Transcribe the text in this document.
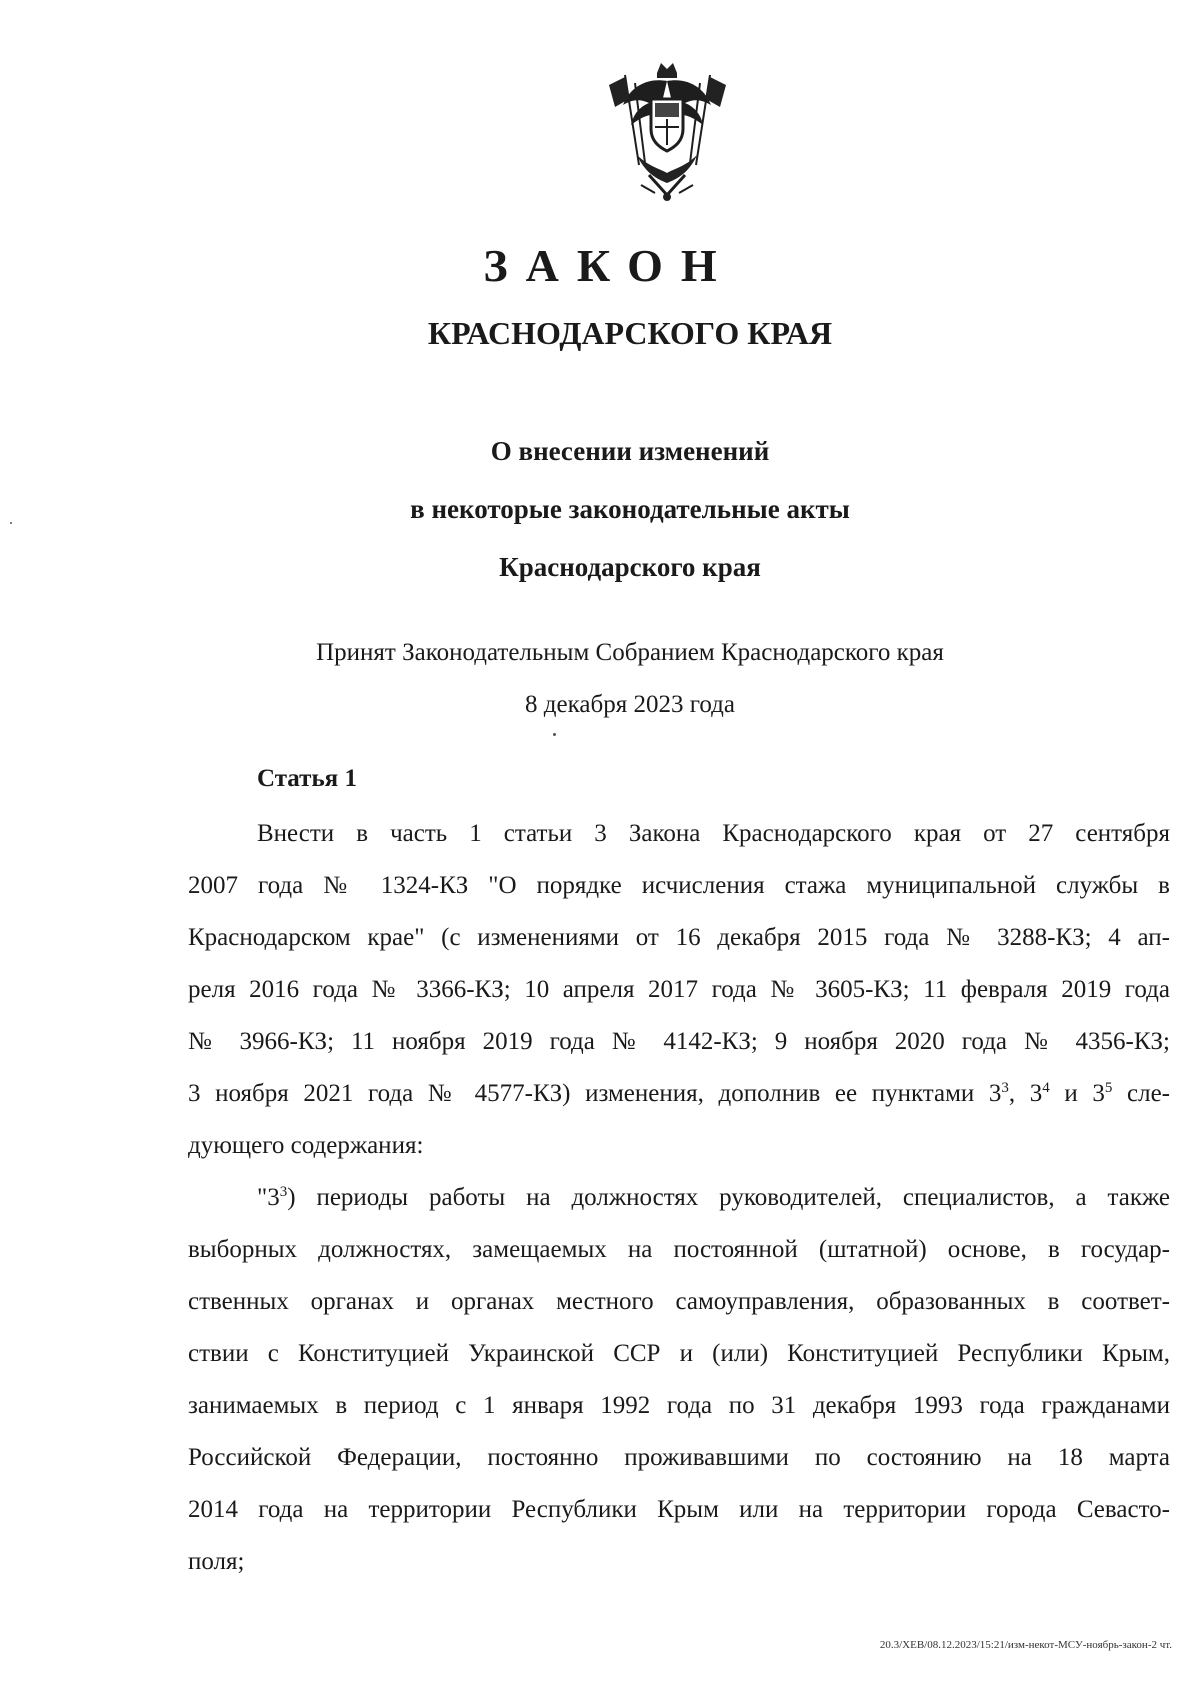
ЗАКОН
КРАСНОДАРСКОГО КРАЯ
О внесении изменений
в некоторые законодательные акты
Краснодарского края
Принят Законодательным Собранием Краснодарского края
8 декабря 2023 года
Статья 1
Внести в часть 1 статьи 3 Закона Краснодарского края от 27 сентября
2007 года № 1324-КЗ "О порядке исчисления стажа муниципальной службы в
Краснодарском крае" (с изменениями от 16 декабря 2015 года № 3288-КЗ; 4 ап-
реля 2016 года № 3366-КЗ; 10 апреля 2017 года № 3605-КЗ; 11 февраля 2019 года
№ 3966-КЗ; 11 ноября 2019 года № 4142-КЗ; 9 ноября 2020 года № 4356-КЗ;
3 ноября 2021 года № 4577-КЗ) изменения, дополнив ее пунктами $3^3$, $3^4$ и $3^5$ сле-
дующего содержания:
"$3^3$) периоды работы на должностях руководителей, специалистов, а также
выборных должностях, замещаемых на постоянной (штатной) основе, в государ-
ственных органах и органах местного самоуправления, образованных в соответ-
ствии с Конституцией Украинской ССР и (или) Конституцией Республики Крым,
занимаемых в период с 1 января 1992 года по 31 декабря 1993 года гражданами
Российской Федерации, постоянно проживавшими по состоянию на 18 марта
2014 года на территории Республики Крым или на территории города Севасто-
поля;
20.3/ХЕВ/08.12.2023/15:21/изм-некот-МСУ-ноябрь-закон-2 чт.
